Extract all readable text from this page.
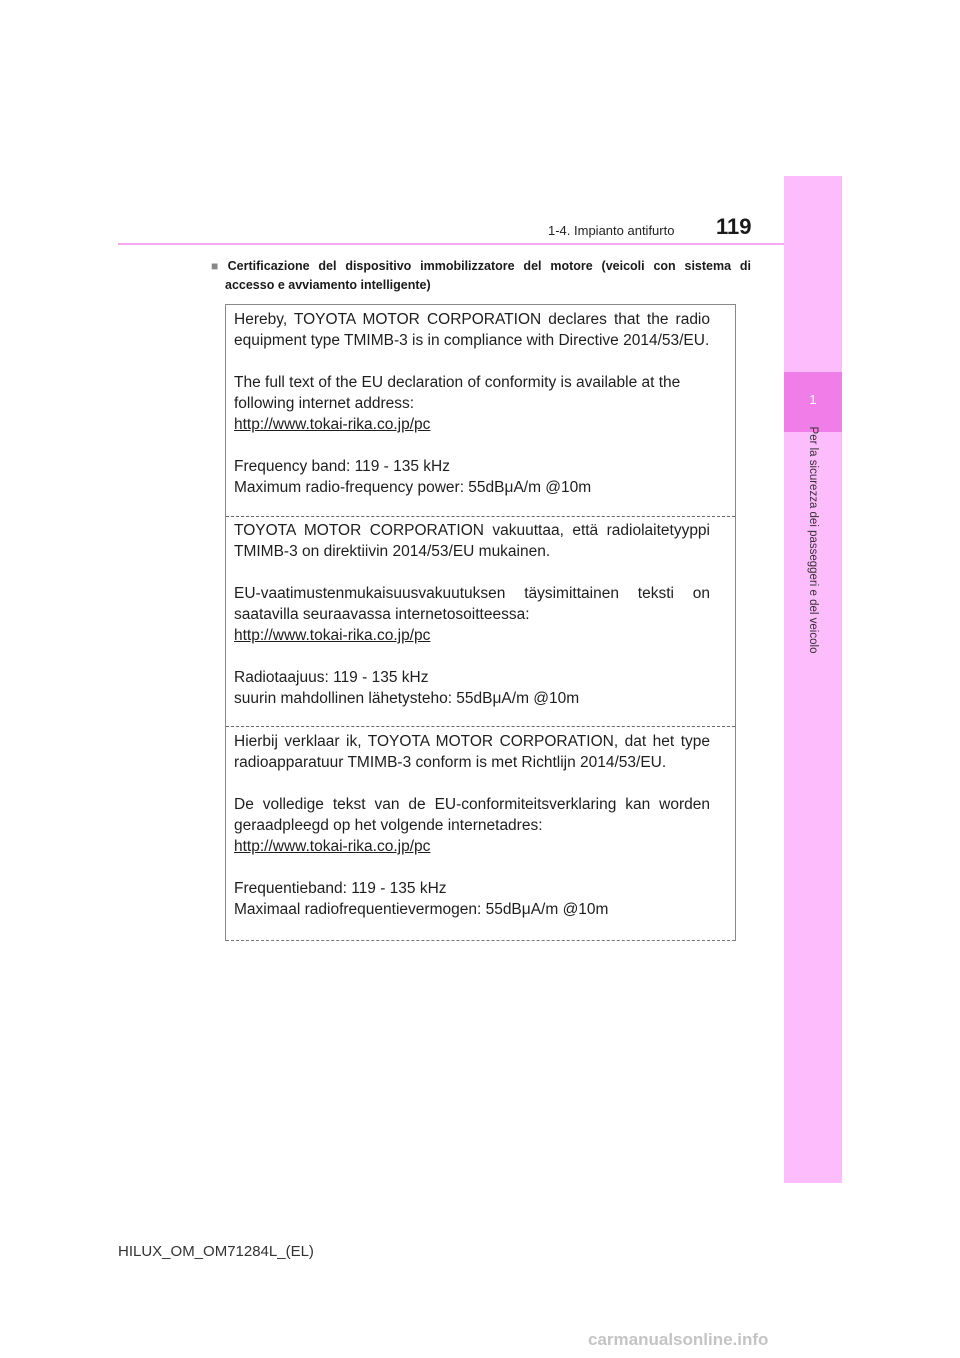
1-4. Impianto antifurto 119
1
Per la sicurezza dei passeggeri e del veicolo
■ Certificazione del dispositivo immobilizzatore del motore (veicoli con sistema di
accesso e avviamento intelligente)
Hereby, TOYOTA MOTOR CORPORATION declares that the radio
equipment type TMIMB-3 is in compliance with Directive 2014/53/EU.
The full text of the EU declaration of conformity is available at the
following internet address:
http://www.tokai-rika.co.jp/pc
Frequency band: 119 - 135 kHz
Maximum radio-frequency power: 55dBμA/m @10m
TOYOTA MOTOR CORPORATION vakuuttaa, että radiolaitetyyppi
TMIMB-3 on direktiivin 2014/53/EU mukainen.
EU-vaatimustenmukaisuusvakuutuksen täysimittainen teksti on
saatavilla seuraavassa internetosoitteessa:
http://www.tokai-rika.co.jp/pc
Radiotaajuus: 119 - 135 kHz
suurin mahdollinen lähetysteho: 55dBμA/m @10m
Hierbij verklaar ik, TOYOTA MOTOR CORPORATION, dat het type
radioapparatuur TMIMB-3 conform is met Richtlijn 2014/53/EU.
De volledige tekst van de EU-conformiteitsverklaring kan worden
geraadpleegd op het volgende internetadres:
http://www.tokai-rika.co.jp/pc
Frequentieband: 119 - 135 kHz
Maximaal radiofrequentievermogen: 55dBμA/m @10m
HILUX_OM_OM71284L_(EL)
carmanualsonline.info
